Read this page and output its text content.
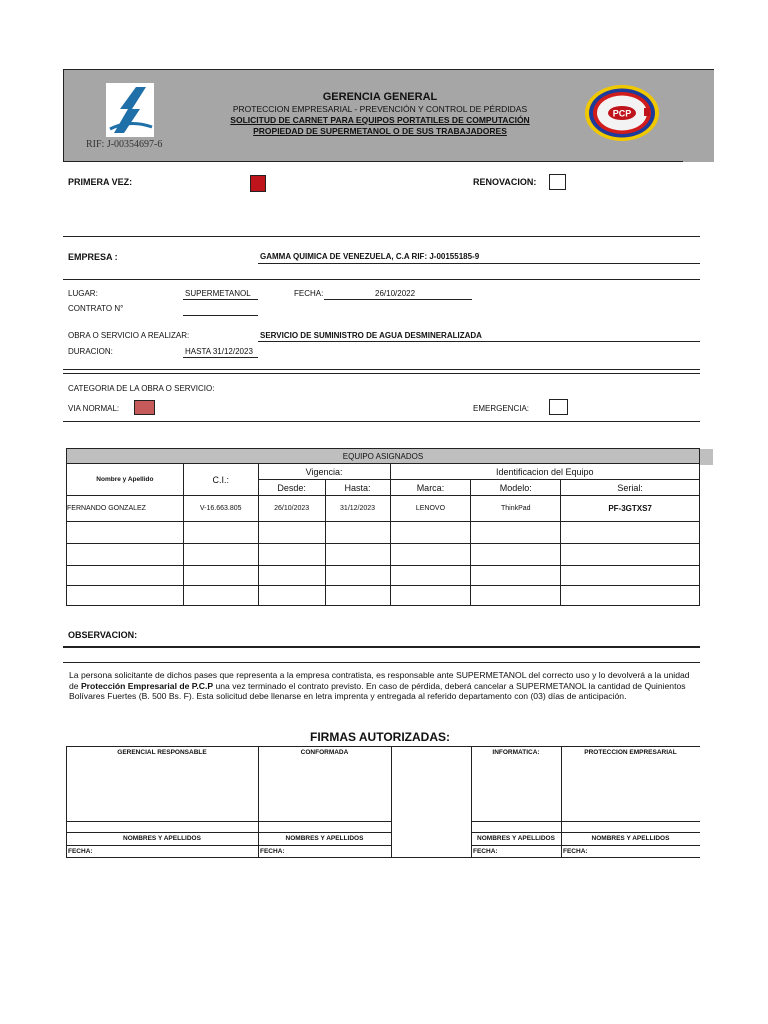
RIF: J-00354697-6
GERENCIA GENERAL
PROTECCION EMPRESARIAL - PREVENCIÓN Y CONTROL DE PÉRDIDAS
SOLICITUD DE CARNET PARA EQUIPOS PORTATILES DE COMPUTACIÓN
PROPIEDAD DE SUPERMETANOL O DE SUS TRABAJADORES
PCP
PRIMERA VEZ:	RENOVACION:
EMPRESA :	GAMMA QUIMICA DE VENEZUELA, C.A RIF: J-00155185-9
LUGAR:	SUPERMETANOL	FECHA:	26/10/2022
CONTRATO N°
OBRA O SERVICIO A REALIZAR:	SERVICIO DE SUMINISTRO DE AGUA DESMINERALIZADA
DURACION:	HASTA 31/12/2023
CATEGORIA DE LA OBRA O SERVICIO:
VIA NORMAL:	EMERGENCIA:
EQUIPO ASIGNADOS						
Nombre y Apellido	C.I.:	Vigencia:		Identificacion del Equipo		
		Desde:	Hasta:	Marca:	Modelo:	Serial:
FERNANDO GONZALEZ	V-16.663.805	26/10/2023	31/12/2023	LENOVO	ThinkPad	PF-3GTXS7

OBSERVACION:
La persona solicitante de dichos pases que representa a la empresa contratista, es responsable ante SUPERMETANOL del correcto uso y lo devolverá a la unidad de Protección Empresarial de P.C.P una vez terminado el contrato previsto. En caso de pérdida, deberá cancelar a SUPERMETANOL la cantidad de Quinientos Bolívares Fuertes (B. 500 Bs. F). Esta solicitud debe llenarse en letra imprenta y entregada al referido departamento con (03) días de anticipación.
FIRMAS AUTORIZADAS:
GERENCIAL RESPONSABLE	CONFORMADA	INFORMATICA:	PROTECCION EMPRESARIAL
NOMBRES Y APELLIDOS	NOMBRES Y APELLIDOS	NOMBRES Y APELLIDOS	NOMBRES Y APELLIDOS
FECHA:	FECHA:	FECHA:	FECHA:
